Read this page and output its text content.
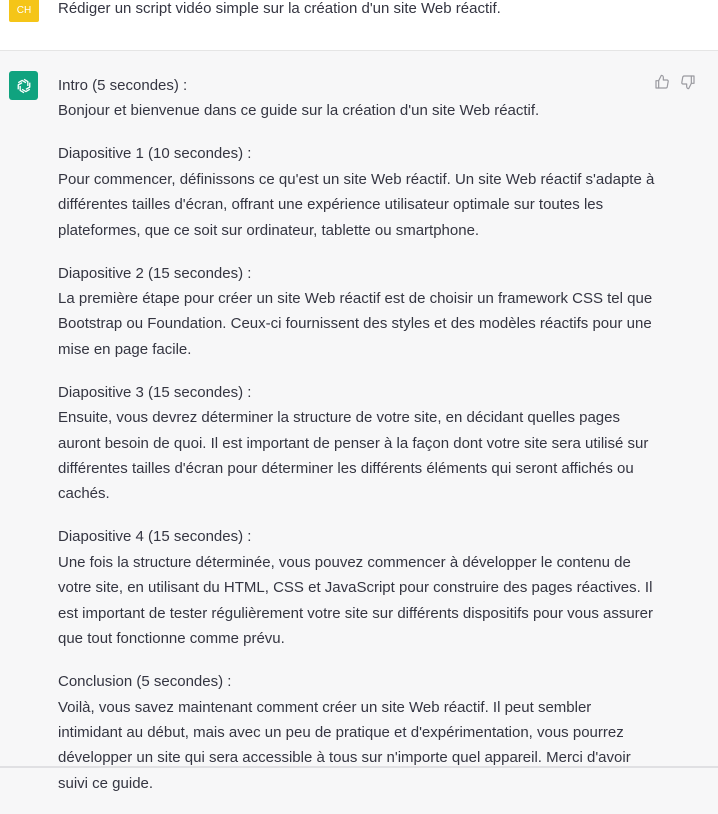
CH	Rédiger un script vidéo simple sur la création d'un site Web réactif.

Intro (5 secondes) :

Bonjour et bienvenue dans ce guide sur la création d'un site Web réactif.

Diapositive 1 (10 secondes) :

Pour commencer, définissons ce qu'est un site Web réactif. Un site Web réactif s'adapte à différentes tailles d'écran, offrant une expérience utilisateur optimale sur toutes les plateformes, que ce soit sur ordinateur, tablette ou smartphone.

Diapositive 2 (15 secondes) :

La première étape pour créer un site Web réactif est de choisir un framework CSS tel que Bootstrap ou Foundation. Ceux-ci fournissent des styles et des modèles réactifs pour une mise en page facile.

Diapositive 3 (15 secondes) :

Ensuite, vous devrez déterminer la structure de votre site, en décidant quelles pages auront besoin de quoi. Il est important de penser à la façon dont votre site sera utilisé sur différentes tailles d'écran pour déterminer les différents éléments qui seront affichés ou cachés.

Diapositive 4 (15 secondes) :

Une fois la structure déterminée, vous pouvez commencer à développer le contenu de votre site, en utilisant du HTML, CSS et JavaScript pour construire des pages réactives. Il est important de tester régulièrement votre site sur différents dispositifs pour vous assurer que tout fonctionne comme prévu.

Conclusion (5 secondes) :

Voilà, vous savez maintenant comment créer un site Web réactif. Il peut sembler intimidant au début, mais avec un peu de pratique et d'expérimentation, vous pourrez développer un site qui sera accessible à tous sur n'importe quel appareil. Merci d'avoir suivi ce guide.
